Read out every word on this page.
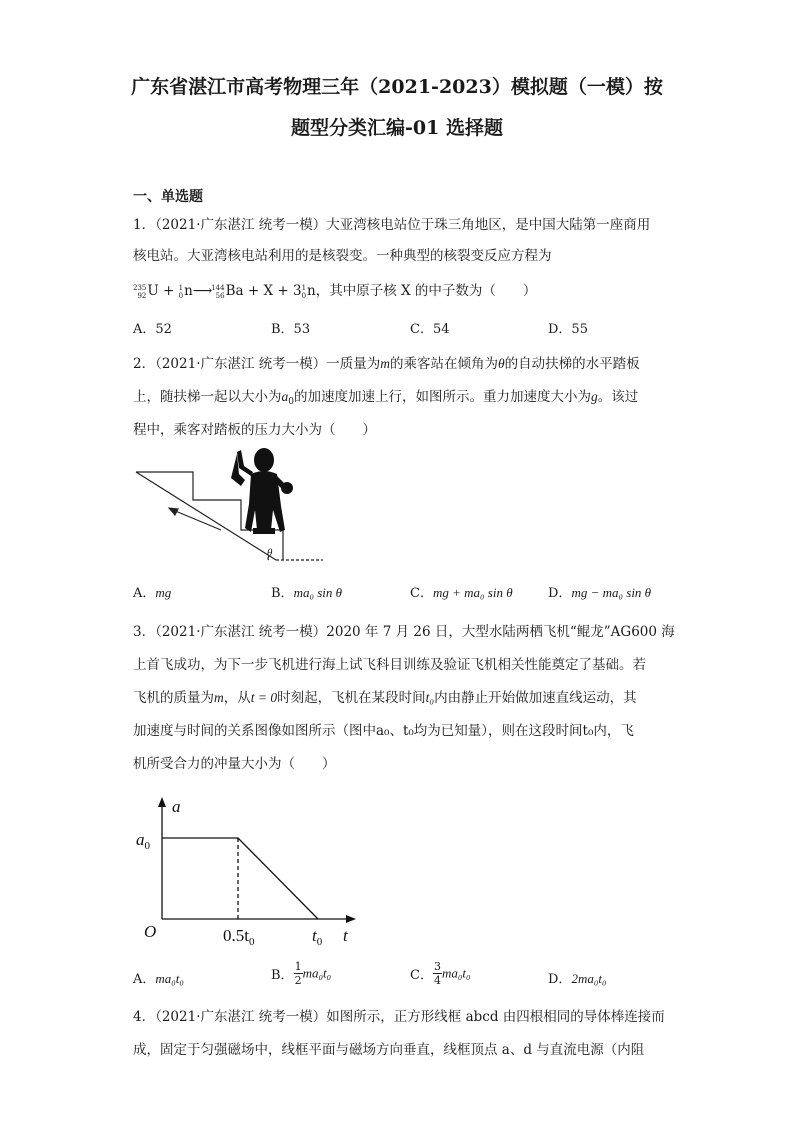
广东省湛江市高考物理三年（2021-2023）模拟题（一模）按
题型分类汇编-01 选择题
一、单选题
1．（2021·广东湛江 统考一模）大亚湾核电站位于珠三角地区，是中国大陆第一座商用
核电站。大亚湾核电站利用的是核裂变。一种典型的核裂变反应方程为
235
92U + 1
0n⟶144
56Ba + X + 31
0n，其中原子核 X 的中子数为（　　）
A．52	B．53	C．54	D．55
2．（2021·广东湛江 统考一模）一质量为m的乘客站在倾角为θ的自动扶梯的水平踏板
上，随扶梯一起以大小为$a_0$的加速度加速上行，如图所示。重力加速度大小为g。该过
程中，乘客对踏板的压力大小为（　　）
θ
A．mg	B．ma₀ sin θ	C．mg + ma₀ sin θ	D．mg − ma₀ sin θ
3．（2021·广东湛江 统考一模）2020 年 7 月 26 日，大型水陆两栖飞机“鲲龙”AG600 海
上首飞成功，为下一步飞机进行海上试飞科目训练及验证飞机相关性能奠定了基础。若
飞机的质量为m，从t = 0时刻起，飞机在某段时间t₀内由静止开始做加速直线运动，其
加速度与时间的关系图像如图所示（图中a₀、t₀均为已知量），则在这段时间t₀内，飞
机所受合力的冲量大小为（　　）
a
t
O
$a_0$
$0.5t_0$	$t_0$
A．ma₀t₀	B． $\frac{1}{2} ma_0t_0$	C． $\frac{3}{4} ma_0t_0$	D．2ma₀t₀
4．（2021·广东湛江 统考一模）如图所示，正方形线框 abcd 由四根相同的导体棒连接而
成，固定于匀强磁场中，线框平面与磁场方向垂直，线框顶点 a、d 与直流电源（内阻
